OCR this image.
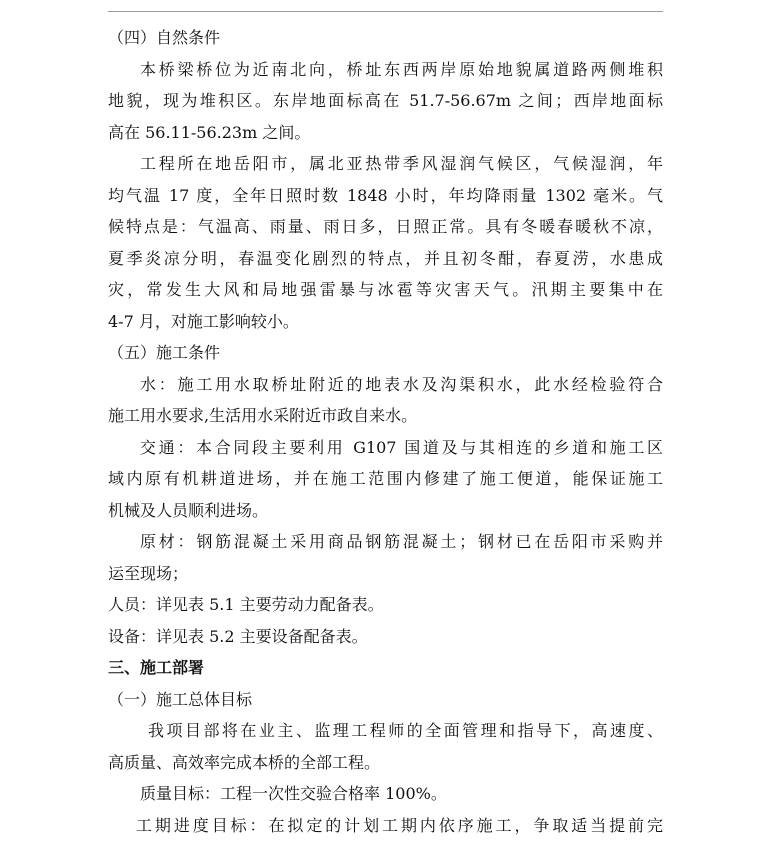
（四）自然条件
本桥梁桥位为近南北向，桥址东西两岸原始地貌属道路两侧堆积
地貌，现为堆积区。东岸地面标高在 51.7-56.67m 之间；西岸地面标
高在 56.11-56.23m 之间。
工程所在地岳阳市，属北亚热带季风湿润气候区，气候湿润，年
均气温 17 度，全年日照时数 1848 小时，年均降雨量 1302 毫米。气
候特点是：气温高、雨量、雨日多，日照正常。具有冬暖春暖秋不凉，
夏季炎凉分明，春温变化剧烈的特点，并且初冬酣，春夏涝，水患成
灾，常发生大风和局地强雷暴与冰雹等灾害天气。汛期主要集中在
4-7 月，对施工影响较小。
（五）施工条件
水：施工用水取桥址附近的地表水及沟渠积水，此水经检验符合
施工用水要求,生活用水采附近市政自来水。
交通：本合同段主要利用 G107 国道及与其相连的乡道和施工区
域内原有机耕道进场，并在施工范围内修建了施工便道，能保证施工
机械及人员顺利进场。
原材：钢筋混凝土采用商品钢筋混凝土；钢材已在岳阳市采购并
运至现场；
人员：详见表 5.1 主要劳动力配备表。
设备：详见表 5.2 主要设备配备表。
三、施工部署
（一）施工总体目标
我项目部将在业主、监理工程师的全面管理和指导下，高速度、
高质量、高效率完成本桥的全部工程。
质量目标：工程一次性交验合格率 100%。
工期进度目标：在拟定的计划工期内依序施工，争取适当提前完
